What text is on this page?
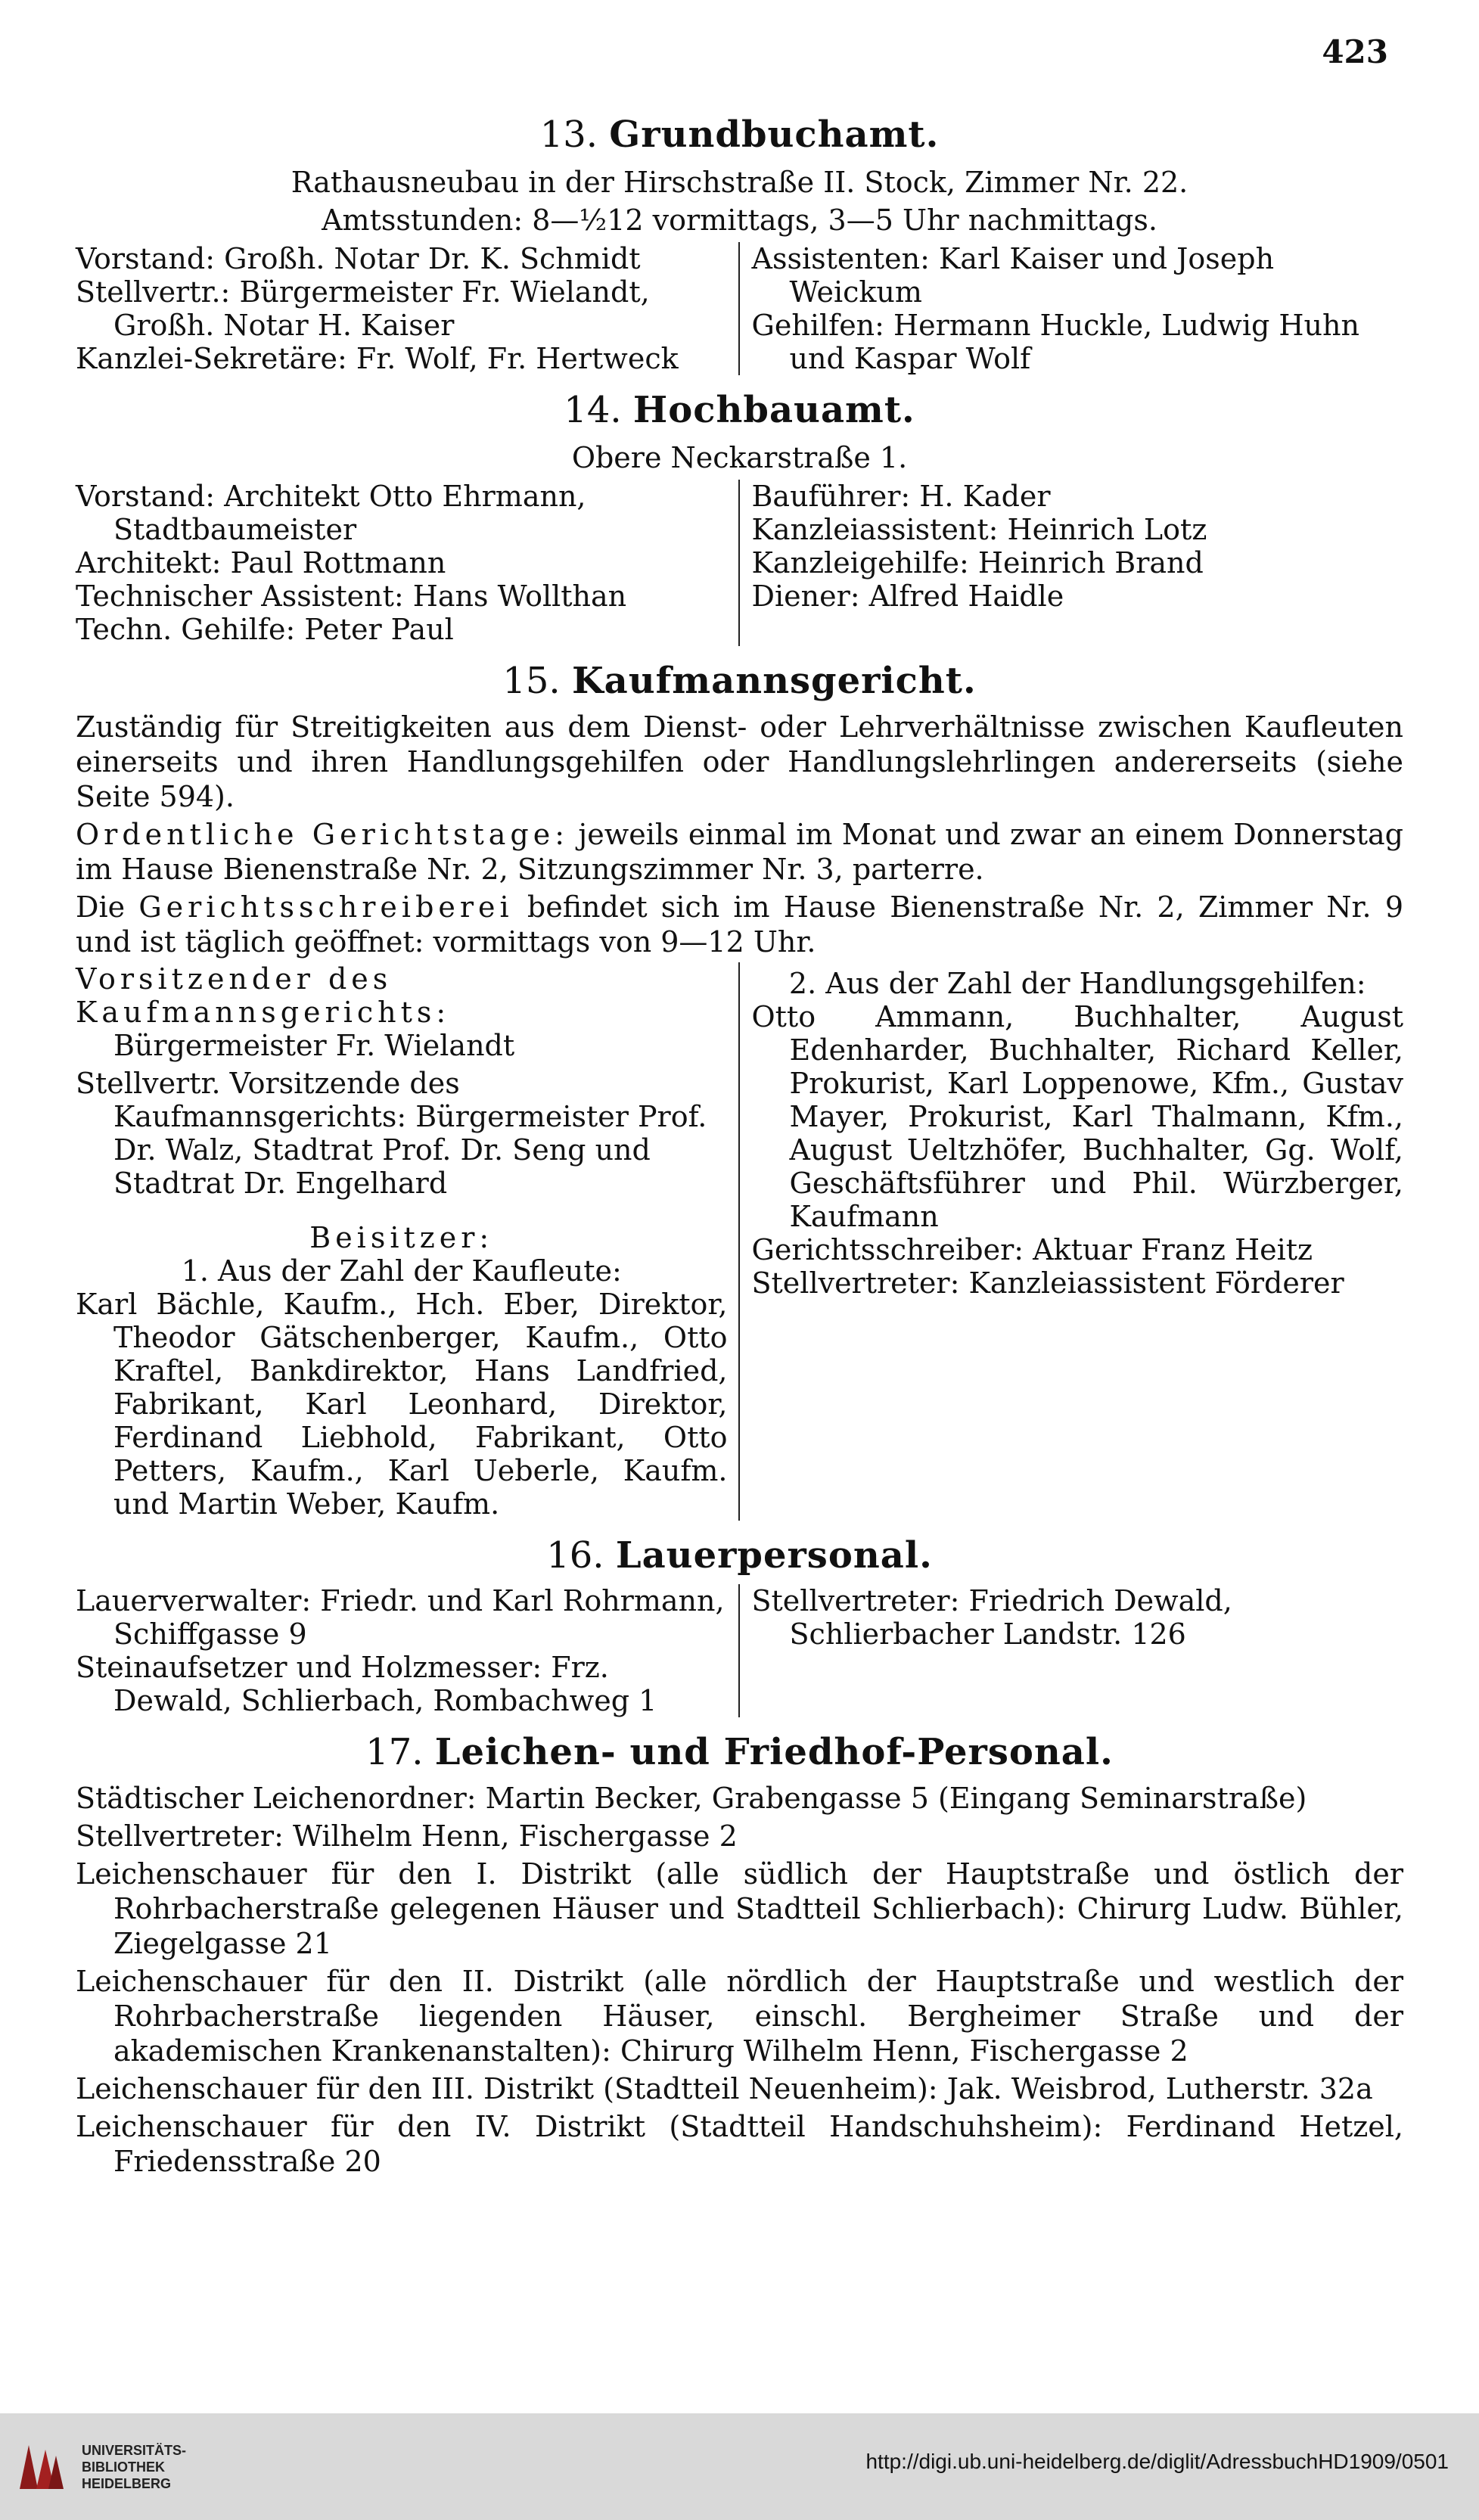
423
13. Grundbuchamt.
Rathausneubau in der Hirschstraße II. Stock, Zimmer Nr. 22.
Amtsstunden: 8—½12 vormittags, 3—5 Uhr nachmittags.
Vorstand: Großh. Notar Dr. K. Schmidt
Stellvertr.: Bürgermeister Fr. Wielandt, Großh. Notar H. Kaiser
Kanzlei-Sekretäre: Fr. Wolf, Fr. Hertweck
Assistenten: Karl Kaiser und Joseph Weickum
Gehilfen: Hermann Huckle, Ludwig Huhn und Kaspar Wolf
14. Hochbauamt.
Obere Neckarstraße 1.
Vorstand: Architekt Otto Ehrmann, Stadtbaumeister
Architekt: Paul Rottmann
Technischer Assistent: Hans Wollthan
Techn. Gehilfe: Peter Paul
Bauführer: H. Kader
Kanzleiassistent: Heinrich Lotz
Kanzleigehilfe: Heinrich Brand
Diener: Alfred Haidle
15. Kaufmannsgericht.

Zuständig für Streitigkeiten aus dem Dienst- oder Lehrverhältnisse zwischen Kaufleuten einerseits und ihren Handlungsgehilfen oder Handlungslehrlingen andererseits (siehe Seite 594).

Ordentliche Gerichtstage: jeweils einmal im Monat und zwar an einem Donnerstag im Hause Bienenstraße Nr. 2, Sitzungszimmer Nr. 3, parterre.

Die Gerichtsschreiberei befindet sich im Hause Bienenstraße Nr. 2, Zimmer Nr. 9 und ist täglich geöffnet: vormittags von 9—12 Uhr.

Vorsitzender des Kaufmannsgerichts:
Bürgermeister Fr. Wielandt
Stellvertr. Vorsitzende des Kaufmannsgerichts: Bürgermeister Prof. Dr. Walz, Stadtrat Prof. Dr. Seng und Stadtrat Dr. Engelhard
Beisitzer:
1. Aus der Zahl der Kaufleute:
Karl Bächle, Kaufm., Hch. Eber, Direktor, Theodor Gätschenberger, Kaufm., Otto Kraftel, Bankdirektor, Hans Landfried, Fabrikant, Karl Leonhard, Direktor, Ferdinand Liebhold, Fabrikant, Otto Petters, Kaufm., Karl Ueberle, Kaufm. und Martin Weber, Kaufm.
2. Aus der Zahl der Handlungsgehilfen:
Otto Ammann, Buchhalter, August Edenharder, Buchhalter, Richard Keller, Prokurist, Karl Loppenowe, Kfm., Gustav Mayer, Prokurist, Karl Thalmann, Kfm., August Ueltzhöfer, Buchhalter, Gg. Wolf, Geschäftsführer und Phil. Würzberger, Kaufmann
Gerichtsschreiber: Aktuar Franz Heitz
Stellvertreter: Kanzleiassistent Förderer
16. Lauerpersonal.
Lauerverwalter: Friedr. und Karl Rohrmann, Schiffgasse 9
Steinaufsetzer und Holzmesser: Frz. Dewald, Schlierbach, Rombachweg 1
Stellvertreter: Friedrich Dewald, Schlierbacher Landstr. 126
17. Leichen- und Friedhof-Personal.

Städtischer Leichenordner: Martin Becker, Grabengasse 5 (Eingang Seminarstraße)

Stellvertreter: Wilhelm Henn, Fischergasse 2

Leichenschauer für den I. Distrikt (alle südlich der Hauptstraße und östlich der Rohrbacherstraße gelegenen Häuser und Stadtteil Schlierbach): Chirurg Ludw. Bühler, Ziegelgasse 21

Leichenschauer für den II. Distrikt (alle nördlich der Hauptstraße und westlich der Rohrbacherstraße liegenden Häuser, einschl. Bergheimer Straße und der akademischen Krankenanstalten): Chirurg Wilhelm Henn, Fischergasse 2

Leichenschauer für den III. Distrikt (Stadtteil Neuenheim): Jak. Weisbrod, Lutherstr. 32a

Leichenschauer für den IV. Distrikt (Stadtteil Handschuhsheim): Ferdinand Hetzel, Friedensstraße 20

UNIVERSITÄTS-
BIBLIOTHEK
HEIDELBERG
http://digi.ub.uni-heidelberg.de/diglit/AdressbuchHD1909/0501
